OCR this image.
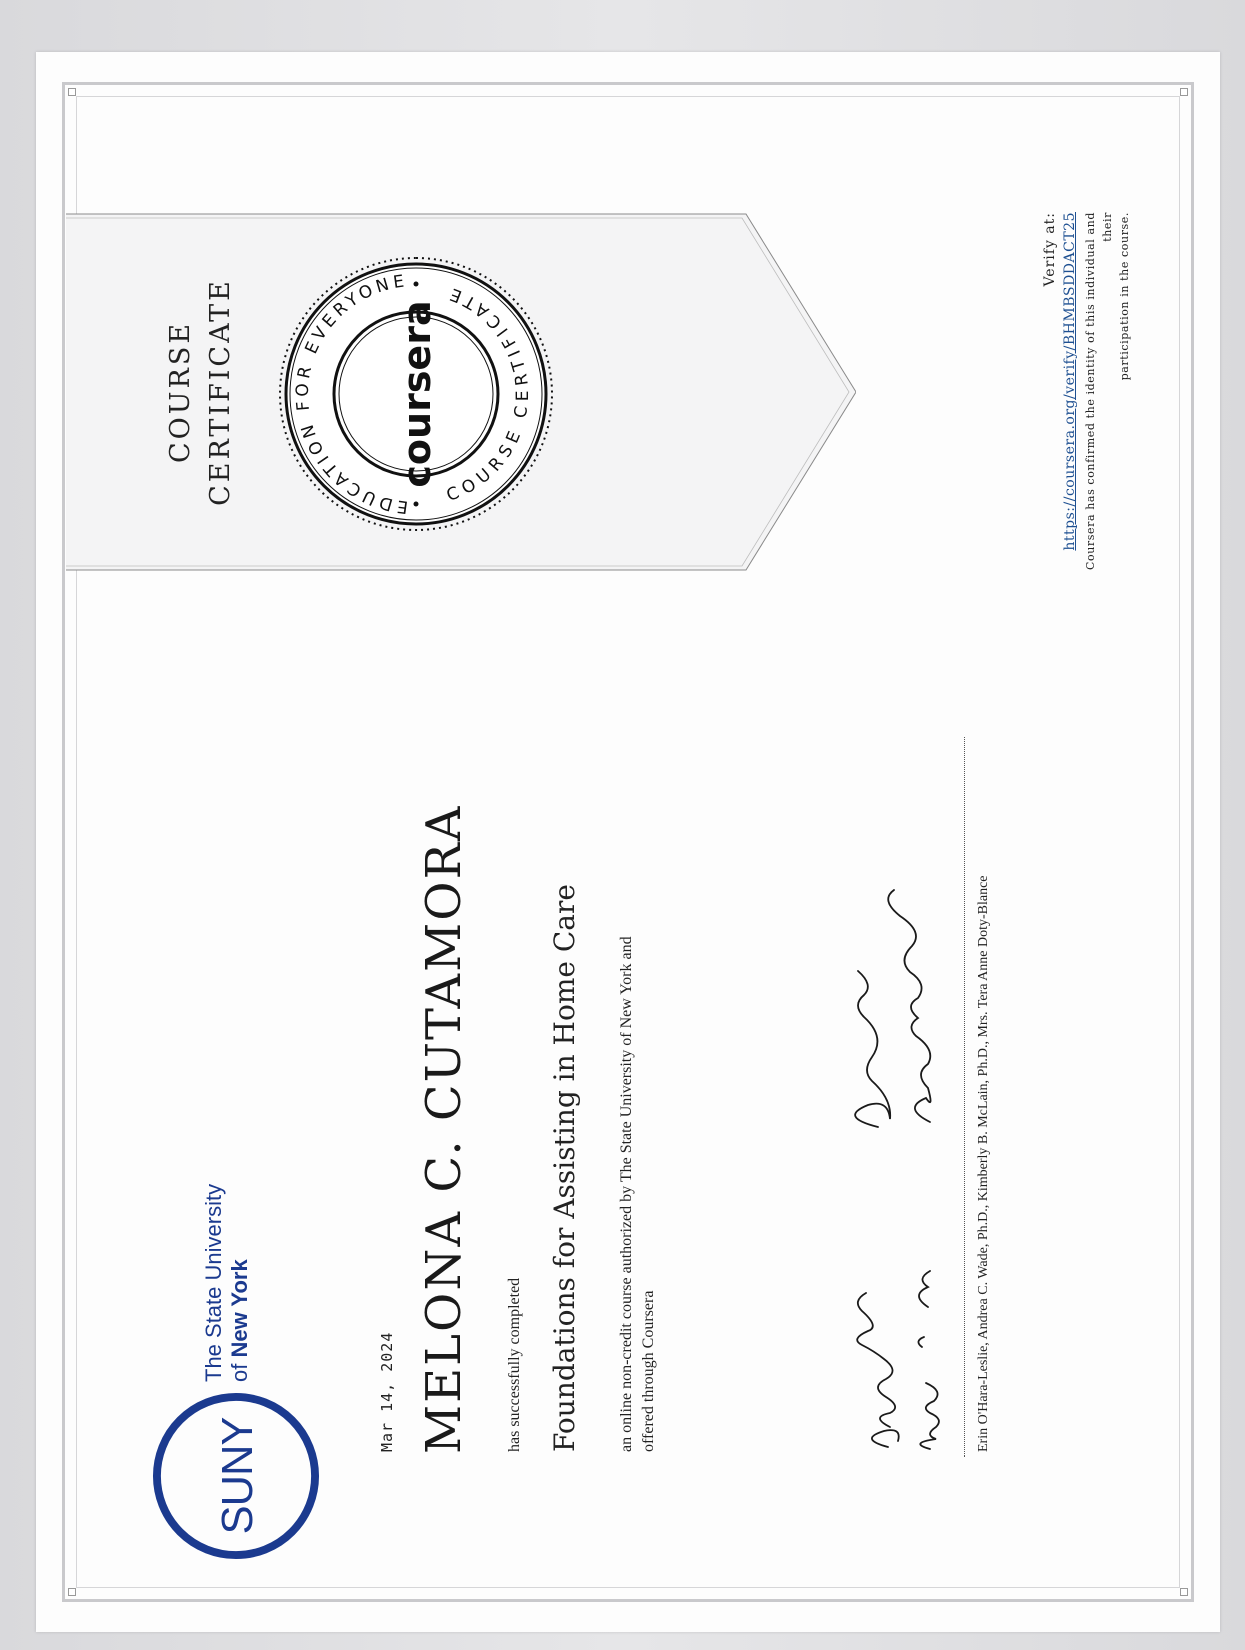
COURSE CERTIFICATE
EDUCATION FOR EVERYONE
COURSE CERTIFICATE
coursera
SUNY
The State University of New York
Mar 14, 2024 MELONA C. CUTAMORA has successfully completed Foundations for Assisting in Home Care an online non-credit course authorized by The State University of New York and offered through Coursera	Erin O'Hara-Leslie, Andrea C. Wade, Ph.D., Kimberly B. McLain, Ph.D., Mrs. Tera Anne Doty-Blance
Verify at: https://coursera.org/verify/BHMBSDDACT25 Coursera has confirmed the identity of this individual and their participation in the course.
